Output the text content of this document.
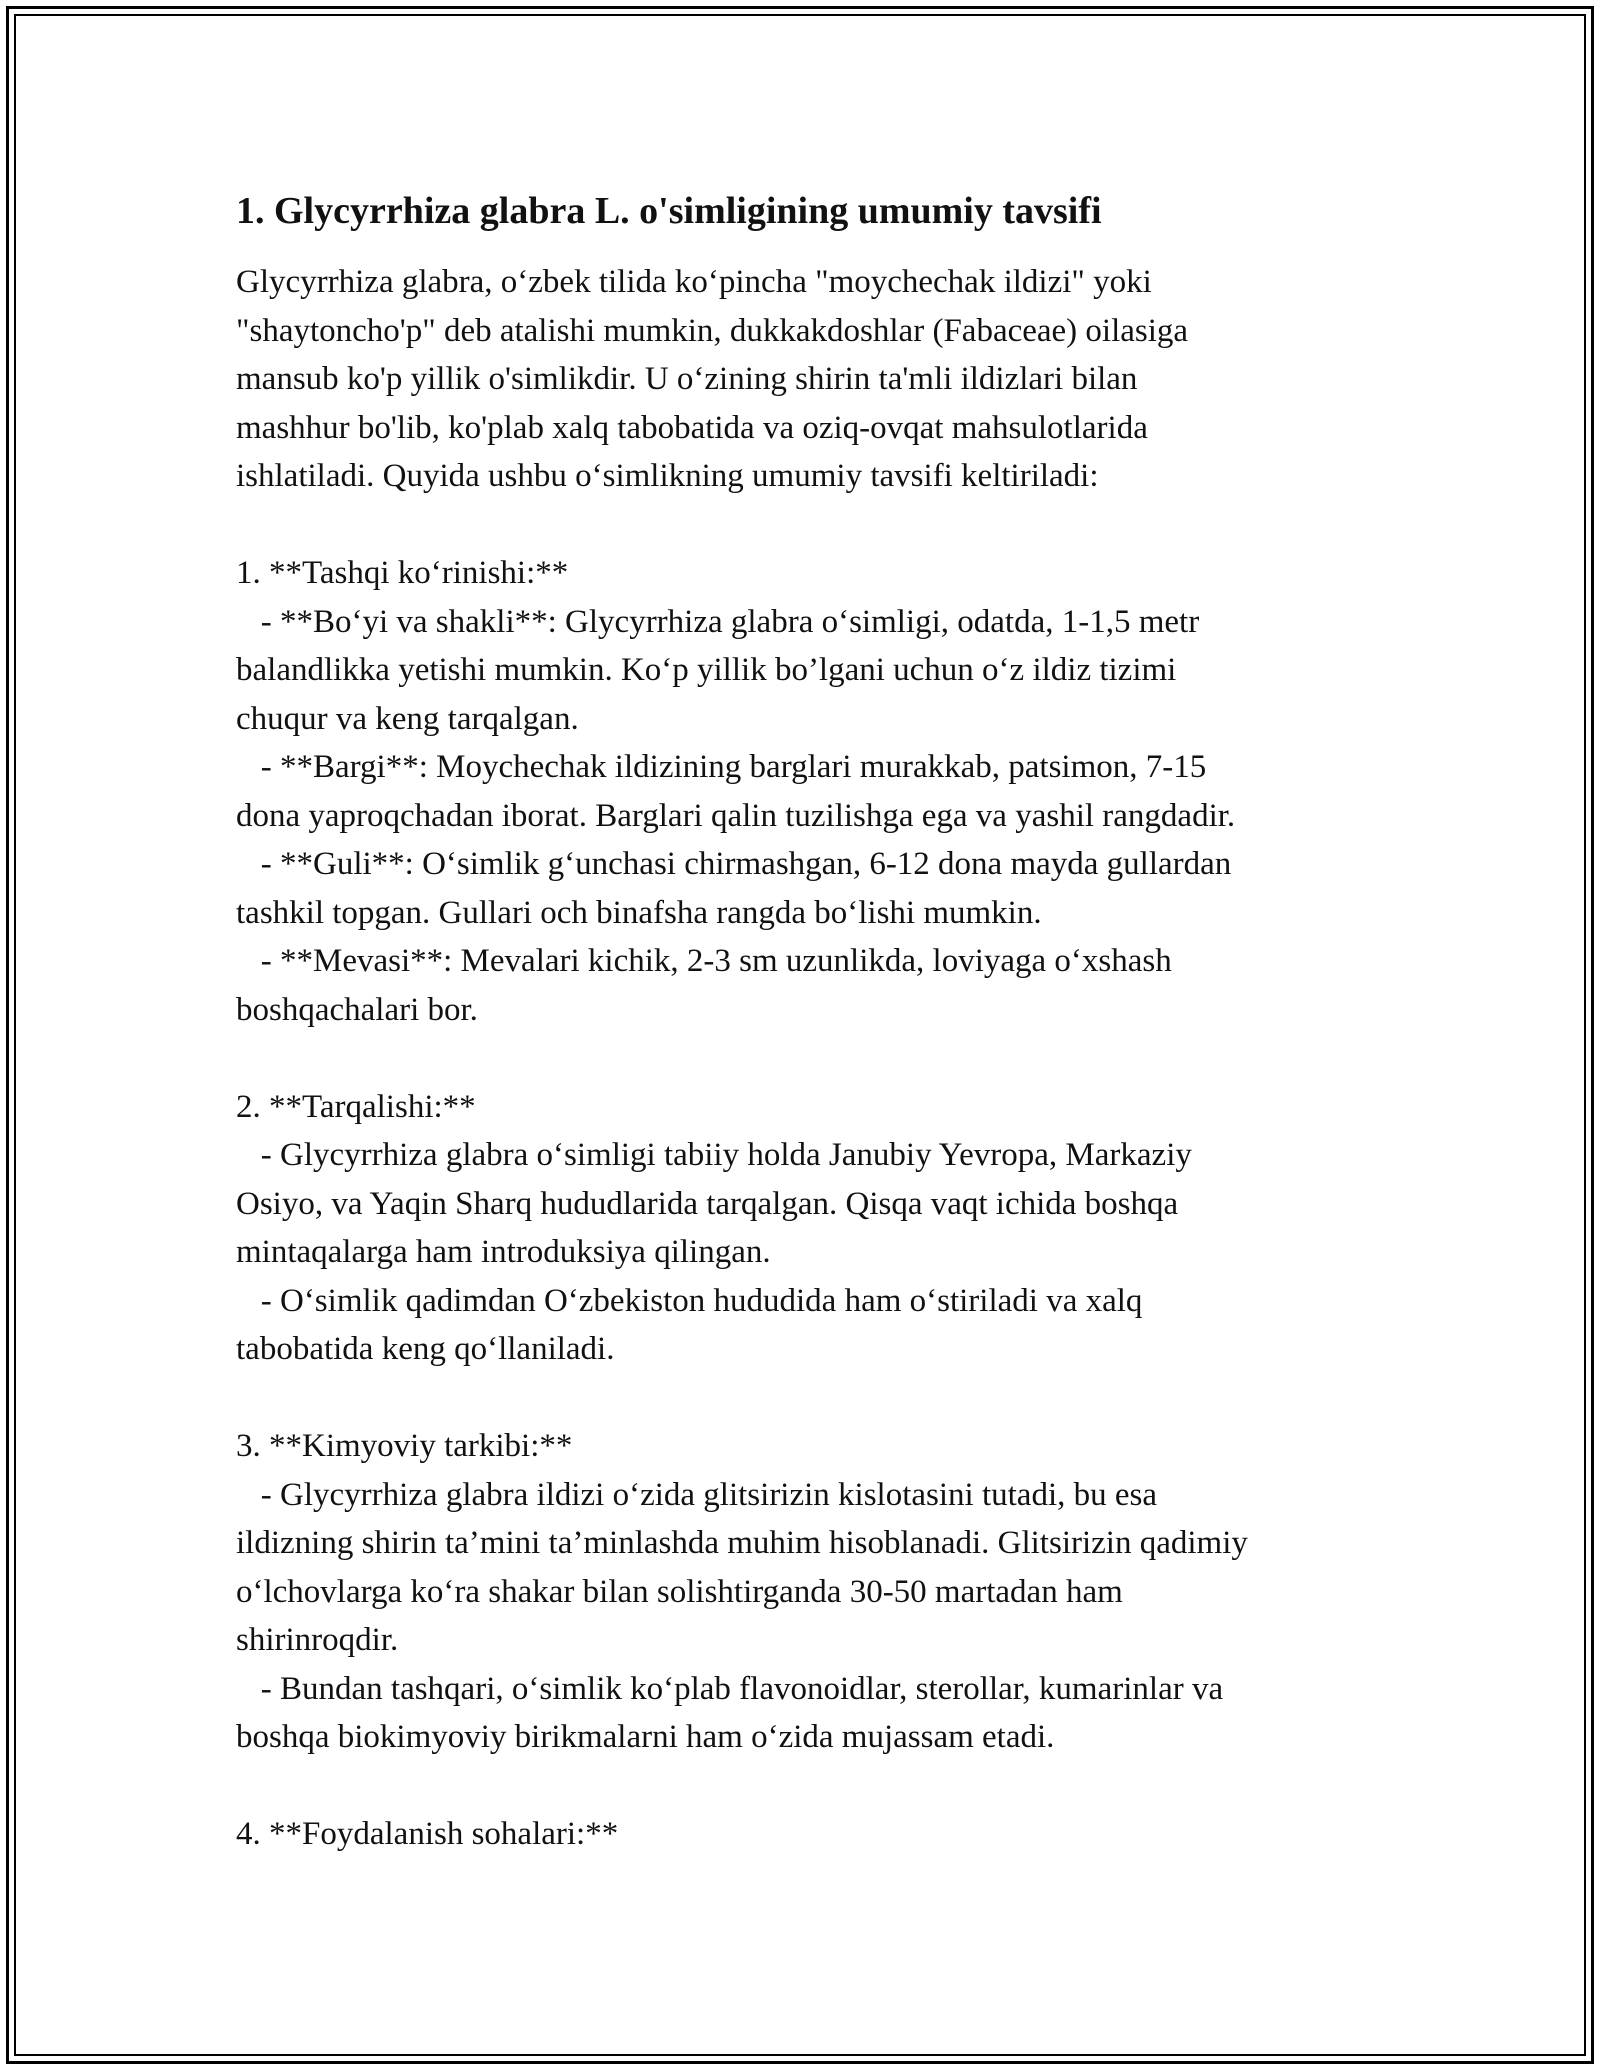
1. Glycyrrhiza glabra L. o'simligining umumiy tavsifi
Glycyrrhiza glabra, o‘zbek tilida ko‘pincha "moychechak ildizi" yoki
"shaytoncho'p" deb atalishi mumkin, dukkakdoshlar (Fabaceae) oilasiga
mansub ko'p yillik o'simlikdir. U o‘zining shirin ta'mli ildizlari bilan
mashhur bo'lib, ko'plab xalq tabobatida va oziq-ovqat mahsulotlarida
ishlatiladi. Quyida ushbu o‘simlikning umumiy tavsifi keltiriladi:
1. **Tashqi ko‘rinishi:**
- **Bo‘yi va shakli**: Glycyrrhiza glabra o‘simligi, odatda, 1-1,5 metr
balandlikka yetishi mumkin. Ko‘p yillik bo’lgani uchun o‘z ildiz tizimi
chuqur va keng tarqalgan.
- **Bargi**: Moychechak ildizining barglari murakkab, patsimon, 7-15
dona yaproqchadan iborat. Barglari qalin tuzilishga ega va yashil rangdadir.
- **Guli**: O‘simlik g‘unchasi chirmashgan, 6-12 dona mayda gullardan
tashkil topgan. Gullari och binafsha rangda bo‘lishi mumkin.
- **Mevasi**: Mevalari kichik, 2-3 sm uzunlikda, loviyaga o‘xshash
boshqachalari bor.
2. **Tarqalishi:**
- Glycyrrhiza glabra o‘simligi tabiiy holda Janubiy Yevropa, Markaziy
Osiyo, va Yaqin Sharq hududlarida tarqalgan. Qisqa vaqt ichida boshqa
mintaqalarga ham introduksiya qilingan.
- O‘simlik qadimdan O‘zbekiston hududida ham o‘stiriladi va xalq
tabobatida keng qo‘llaniladi.
3. **Kimyoviy tarkibi:**
- Glycyrrhiza glabra ildizi o‘zida glitsirizin kislotasini tutadi, bu esa
ildizning shirin ta’mini ta’minlashda muhim hisoblanadi. Glitsirizin qadimiy
o‘lchovlarga ko‘ra shakar bilan solishtirganda 30-50 martadan ham
shirinroqdir.
- Bundan tashqari, o‘simlik ko‘plab flavonoidlar, sterollar, kumarinlar va
boshqa biokimyoviy birikmalarni ham o‘zida mujassam etadi.
4. **Foydalanish sohalari:**
